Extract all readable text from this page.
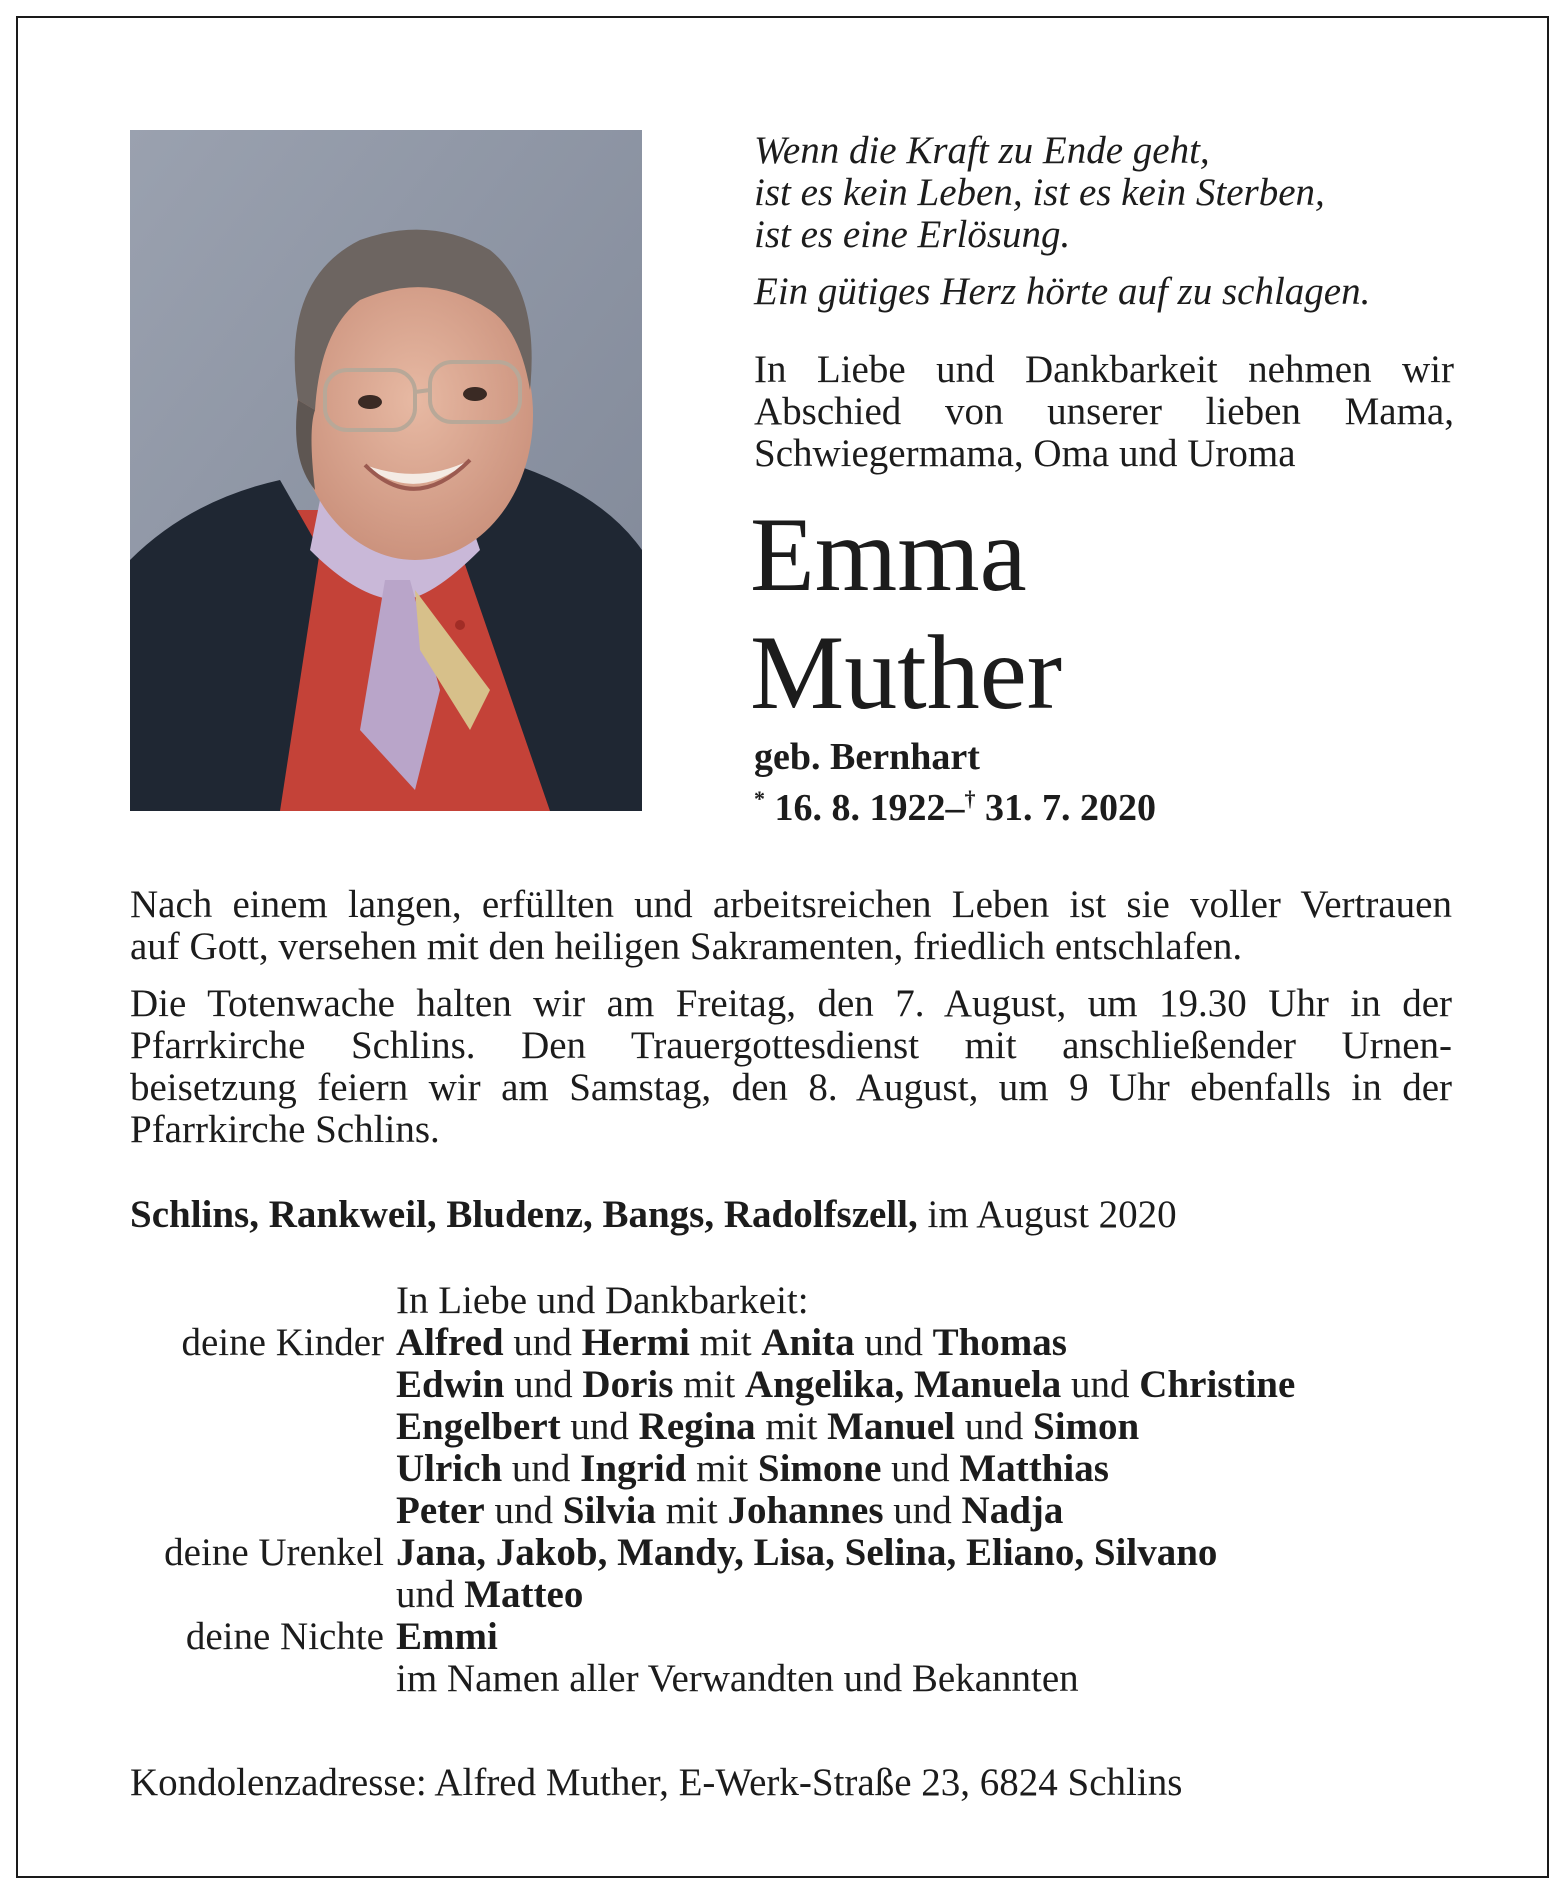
Wenn die Kraft zu Ende geht,
ist es kein Leben, ist es kein Sterben,
ist es eine Erlösung.

Ein gütiges Herz hörte auf zu schlagen.

In Liebe und Dankbarkeit nehmen wir
Abschied von unserer lieben Mama,
Schwiegermama, Oma und Uroma
Emma
Muther
geb. Bernhart
* 16. 8. 1922–† 31. 7. 2020

Nach einem langen, erfüllten und arbeitsreichen Leben ist sie voller Vertrauen
auf Gott, versehen mit den heiligen Sakramenten, friedlich entschlafen.

Die Totenwache halten wir am Freitag, den 7. August, um 19.30 Uhr in der
Pfarrkirche Schlins. Den Trauergottesdienst mit anschließender Urnen-
beisetzung feiern wir am Samstag, den 8. August, um 9 Uhr ebenfalls in der
Pfarrkirche Schlins.

Schlins, Rankweil, Bludenz, Bangs, Radolfszell, im August 2020
In Liebe und Dankbarkeit:
deine Kinder Alfred und Hermi mit Anita und Thomas
Edwin und Doris mit Angelika, Manuela und Christine
Engelbert und Regina mit Manuel und Simon
Ulrich und Ingrid mit Simone und Matthias
Peter und Silvia mit Johannes und Nadja
deine Urenkel Jana, Jakob, Mandy, Lisa, Selina, Eliano, Silvano
und Matteo
deine Nichte Emmi
im Namen aller Verwandten und Bekannten
Kondolenzadresse: Alfred Muther, E-Werk-Straße 23, 6824 Schlins
